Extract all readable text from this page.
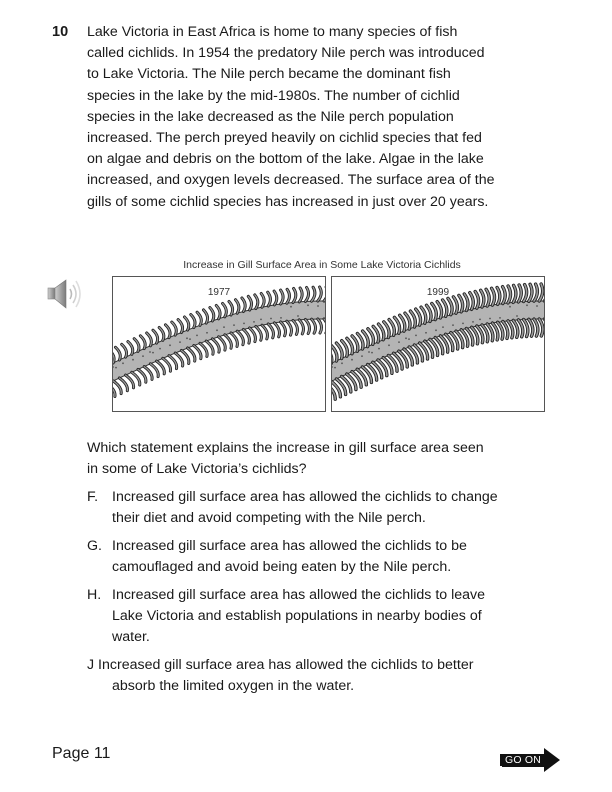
10 Lake Victoria in East Africa is home to many species of fish
called cichlids. In 1954 the predatory Nile perch was introduced
to Lake Victoria. The Nile perch became the dominant fish
species in the lake by the mid-1980s. The number of cichlid
species in the lake decreased as the Nile perch population
increased. The perch preyed heavily on cichlid species that fed
on algae and debris on the bottom of the lake. Algae in the lake
increased, and oxygen levels decreased. The surface area of the
gills of some cichlid species has increased in just over 20 years.
Increase in Gill Surface Area in Some Lake Victoria Cichlids
1977	1999
Which statement explains the increase in gill surface area seen
in some of Lake Victoria’s cichlids?
F. Increased gill surface area has allowed the cichlids to change
their diet and avoid competing with the Nile perch.
G. Increased gill surface area has allowed the cichlids to be
camouflaged and avoid being eaten by the Nile perch.
H. Increased gill surface area has allowed the cichlids to leave
Lake Victoria and establish populations in nearby bodies of
water.
J Increased gill surface area has allowed the cichlids to better
absorb the limited oxygen in the water.
Page 11	GO ON
